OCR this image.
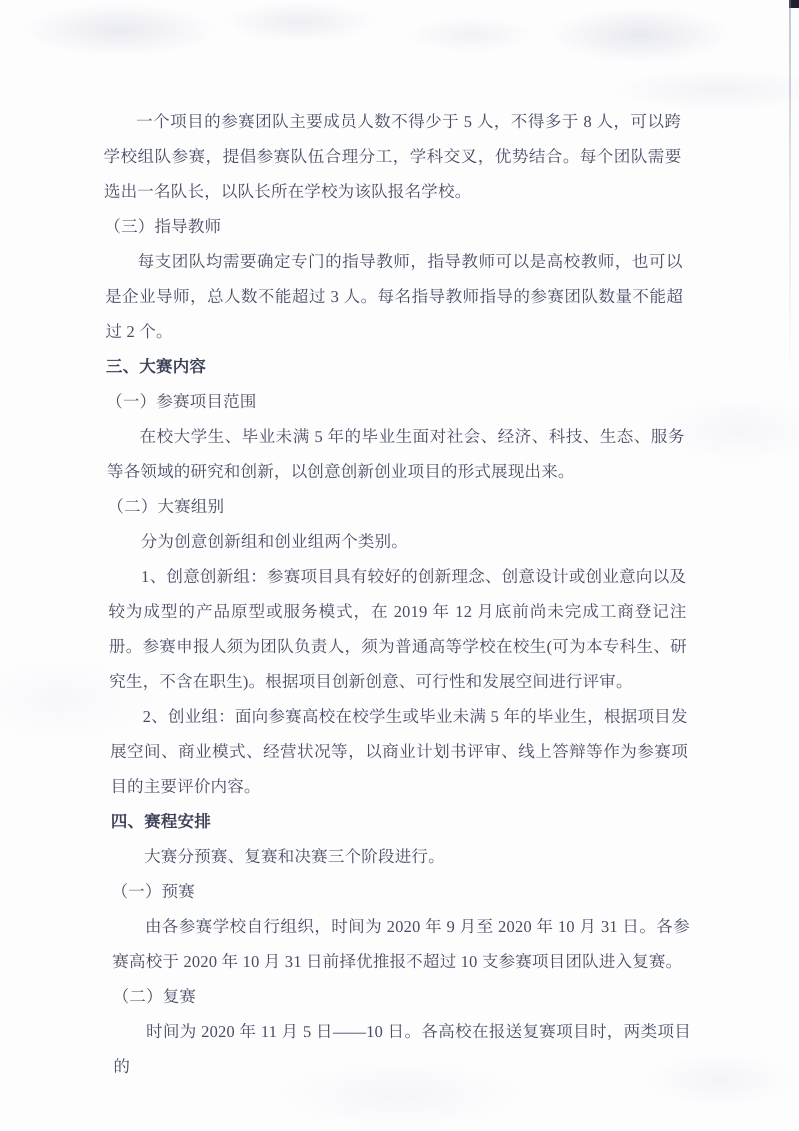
一个项目的参赛团队主要成员人数不得少于 5 人，不得多于 8 人，可以跨学校组队参赛，提倡参赛队伍合理分工，学科交叉，优势结合。每个团队需要选出一名队长，以队长所在学校为该队报名学校。

（三）指导教师

每支团队均需要确定专门的指导教师，指导教师可以是高校教师，也可以是企业导师，总人数不能超过 3 人。每名指导教师指导的参赛团队数量不能超过 2 个。

三、大赛内容

（一）参赛项目范围

在校大学生、毕业未满 5 年的毕业生面对社会、经济、科技、生态、服务等各领域的研究和创新，以创意创新创业项目的形式展现出来。

（二）大赛组别

分为创意创新组和创业组两个类别。

1、创意创新组：参赛项目具有较好的创新理念、创意设计或创业意向以及较为成型的产品原型或服务模式，在 2019 年 12 月底前尚未完成工商登记注册。参赛申报人须为团队负责人，须为普通高等学校在校生(可为本专科生、研究生，不含在职生)。根据项目创新创意、可行性和发展空间进行评审。

2、创业组：面向参赛高校在校学生或毕业未满 5 年的毕业生，根据项目发展空间、商业模式、经营状况等，以商业计划书评审、线上答辩等作为参赛项目的主要评价内容。

四、赛程安排

大赛分预赛、复赛和决赛三个阶段进行。

（一）预赛

由各参赛学校自行组织，时间为 2020 年 9 月至 2020 年 10 月 31 日。各参赛高校于 2020 年 10 月 31 日前择优推报不超过 10 支参赛项目团队进入复赛。

（二）复赛

时间为 2020 年 11 月 5 日——10 日。各高校在报送复赛项目时，两类项目的
